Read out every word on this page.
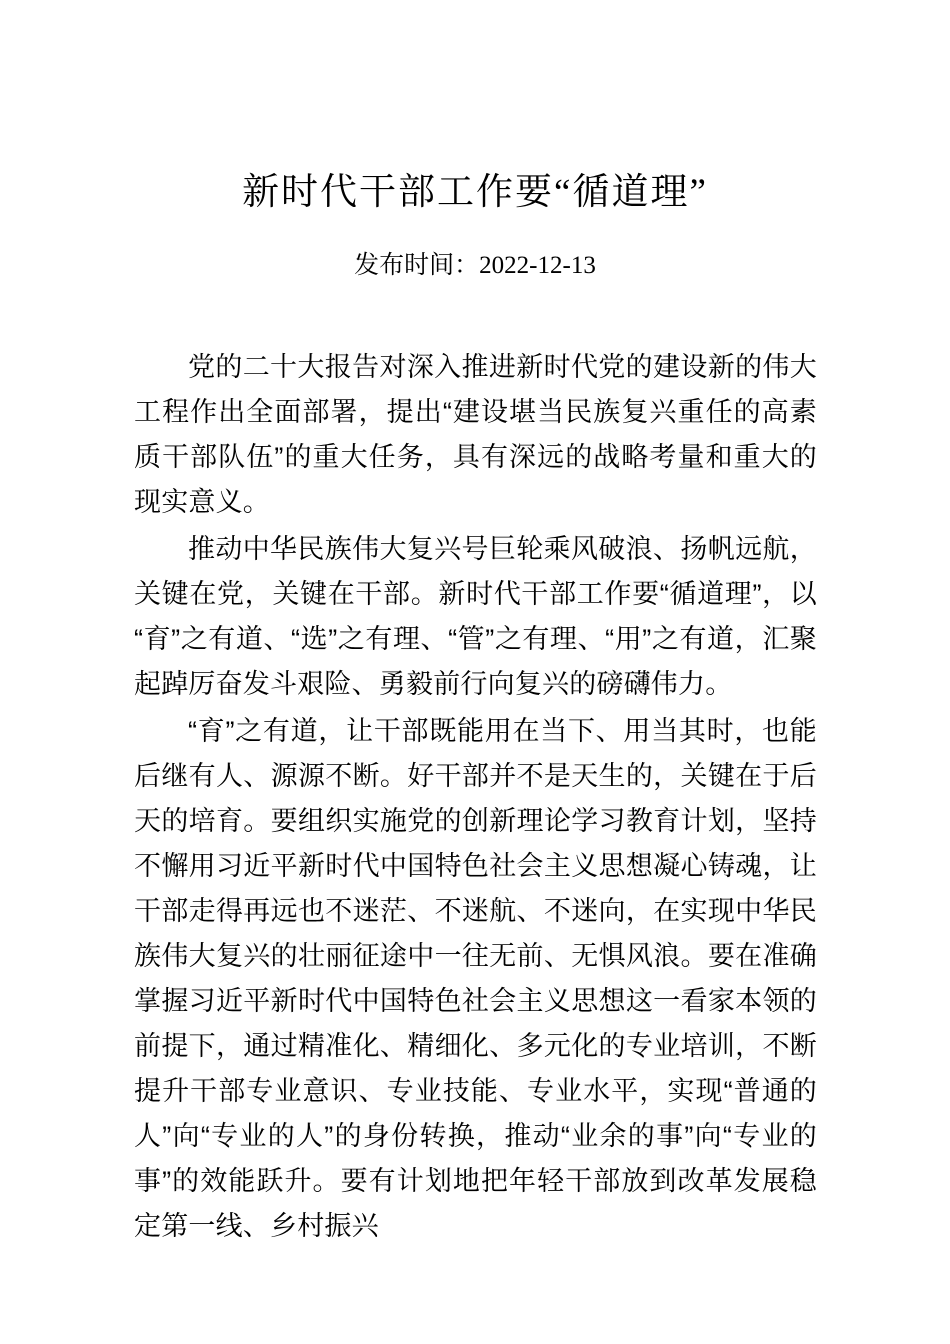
新时代干部工作要“循道理”
发布时间：2022-12-13

党的二十大报告对深入推进新时代党的建设新的伟大工程作出全面部署，提出“建设堪当民族复兴重任的高素质干部队伍”的重大任务，具有深远的战略考量和重大的现实意义。

推动中华民族伟大复兴号巨轮乘风破浪、扬帆远航，关键在党，关键在干部。新时代干部工作要“循道理”，以“育”之有道、“选”之有理、“管”之有理、“用”之有道，汇聚起踔厉奋发斗艰险、勇毅前行向复兴的磅礴伟力。

“育”之有道，让干部既能用在当下、用当其时，也能后继有人、源源不断。好干部并不是天生的，关键在于后天的培育。要组织实施党的创新理论学习教育计划，坚持不懈用习近平新时代中国特色社会主义思想凝心铸魂，让干部走得再远也不迷茫、不迷航、不迷向，在实现中华民族伟大复兴的壮丽征途中一往无前、无惧风浪。要在准确掌握习近平新时代中国特色社会主义思想这一看家本领的前提下，通过精准化、精细化、多元化的专业培训，不断提升干部专业意识、专业技能、专业水平，实现“普通的人”向“专业的人”的身份转换，推动“业余的事”向“专业的事”的效能跃升。要有计划地把年轻干部放到改革发展稳定第一线、乡村振兴
